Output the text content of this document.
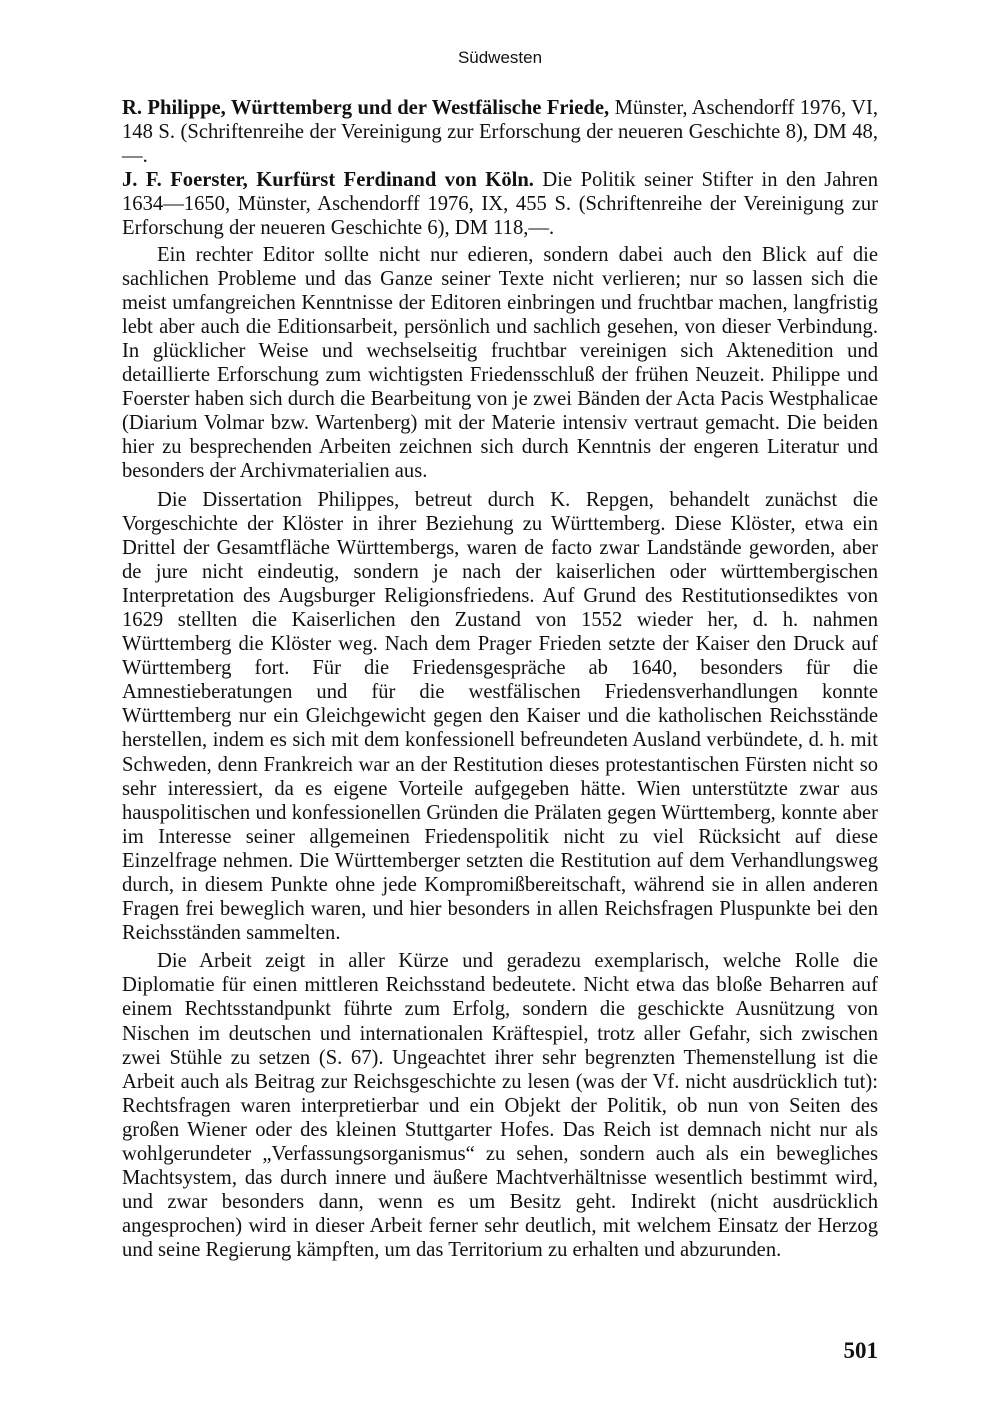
Südwesten

R. Philippe, Württemberg und der Westfälische Friede, Münster, Aschendorff 1976, VI, 148 S. (Schriftenreihe der Vereinigung zur Erforschung der neueren Geschichte 8), DM 48,—.

J. F. Foerster, Kurfürst Ferdinand von Köln. Die Politik seiner Stifter in den Jahren 1634—1650, Münster, Aschendorff 1976, IX, 455 S. (Schriftenreihe der Vereinigung zur Erforschung der neueren Geschichte 6), DM 118,—.

Ein rechter Editor sollte nicht nur edieren, sondern dabei auch den Blick auf die sachlichen Probleme und das Ganze seiner Texte nicht verlieren; nur so lassen sich die meist umfangreichen Kenntnisse der Editoren einbringen und fruchtbar machen, langfristig lebt aber auch die Editionsarbeit, persönlich und sachlich gesehen, von dieser Verbindung. In glücklicher Weise und wechselseitig fruchtbar vereinigen sich Aktenedition und detaillierte Erforschung zum wichtigsten Friedensschluß der frühen Neuzeit. Philippe und Foerster haben sich durch die Bearbeitung von je zwei Bänden der Acta Pacis Westphalicae (Diarium Volmar bzw. Wartenberg) mit der Materie intensiv vertraut gemacht. Die beiden hier zu besprechenden Arbeiten zeichnen sich durch Kenntnis der engeren Literatur und besonders der Archivmaterialien aus.

Die Dissertation Philippes, betreut durch K. Repgen, behandelt zunächst die Vorgeschichte der Klöster in ihrer Beziehung zu Württemberg. Diese Klöster, etwa ein Drittel der Gesamtfläche Württembergs, waren de facto zwar Landstände geworden, aber de jure nicht eindeutig, sondern je nach der kaiserlichen oder württembergischen Interpretation des Augsburger Religionsfriedens. Auf Grund des Restitutionsediktes von 1629 stellten die Kaiserlichen den Zustand von 1552 wieder her, d. h. nahmen Württemberg die Klöster weg. Nach dem Prager Frieden setzte der Kaiser den Druck auf Württemberg fort. Für die Friedensgespräche ab 1640, besonders für die Amnestieberatungen und für die westfälischen Friedensverhandlungen konnte Württemberg nur ein Gleichgewicht gegen den Kaiser und die katholischen Reichsstände herstellen, indem es sich mit dem konfessionell befreundeten Ausland verbündete, d. h. mit Schweden, denn Frankreich war an der Restitution dieses protestantischen Fürsten nicht so sehr interessiert, da es eigene Vorteile aufgegeben hätte. Wien unterstützte zwar aus hauspolitischen und konfessionellen Gründen die Prälaten gegen Württemberg, konnte aber im Interesse seiner allgemeinen Friedenspolitik nicht zu viel Rücksicht auf diese Einzelfrage nehmen. Die Württemberger setzten die Restitution auf dem Verhandlungsweg durch, in diesem Punkte ohne jede Kompromißbereitschaft, während sie in allen anderen Fragen frei beweglich waren, und hier besonders in allen Reichsfragen Pluspunkte bei den Reichsständen sammelten.

Die Arbeit zeigt in aller Kürze und geradezu exemplarisch, welche Rolle die Diplomatie für einen mittleren Reichsstand bedeutete. Nicht etwa das bloße Beharren auf einem Rechtsstandpunkt führte zum Erfolg, sondern die geschickte Ausnützung von Nischen im deutschen und internationalen Kräftespiel, trotz aller Gefahr, sich zwischen zwei Stühle zu setzen (S. 67). Ungeachtet ihrer sehr begrenzten Themenstellung ist die Arbeit auch als Beitrag zur Reichsgeschichte zu lesen (was der Vf. nicht ausdrücklich tut): Rechtsfragen waren interpretierbar und ein Objekt der Politik, ob nun von Seiten des großen Wiener oder des kleinen Stuttgarter Hofes. Das Reich ist demnach nicht nur als wohlgerundeter „Verfassungsorganismus“ zu sehen, sondern auch als ein bewegliches Machtsystem, das durch innere und äußere Machtverhältnisse wesentlich bestimmt wird, und zwar besonders dann, wenn es um Besitz geht. Indirekt (nicht ausdrücklich angesprochen) wird in dieser Arbeit ferner sehr deutlich, mit welchem Einsatz der Herzog und seine Regierung kämpften, um das Territorium zu erhalten und abzurunden.

501
